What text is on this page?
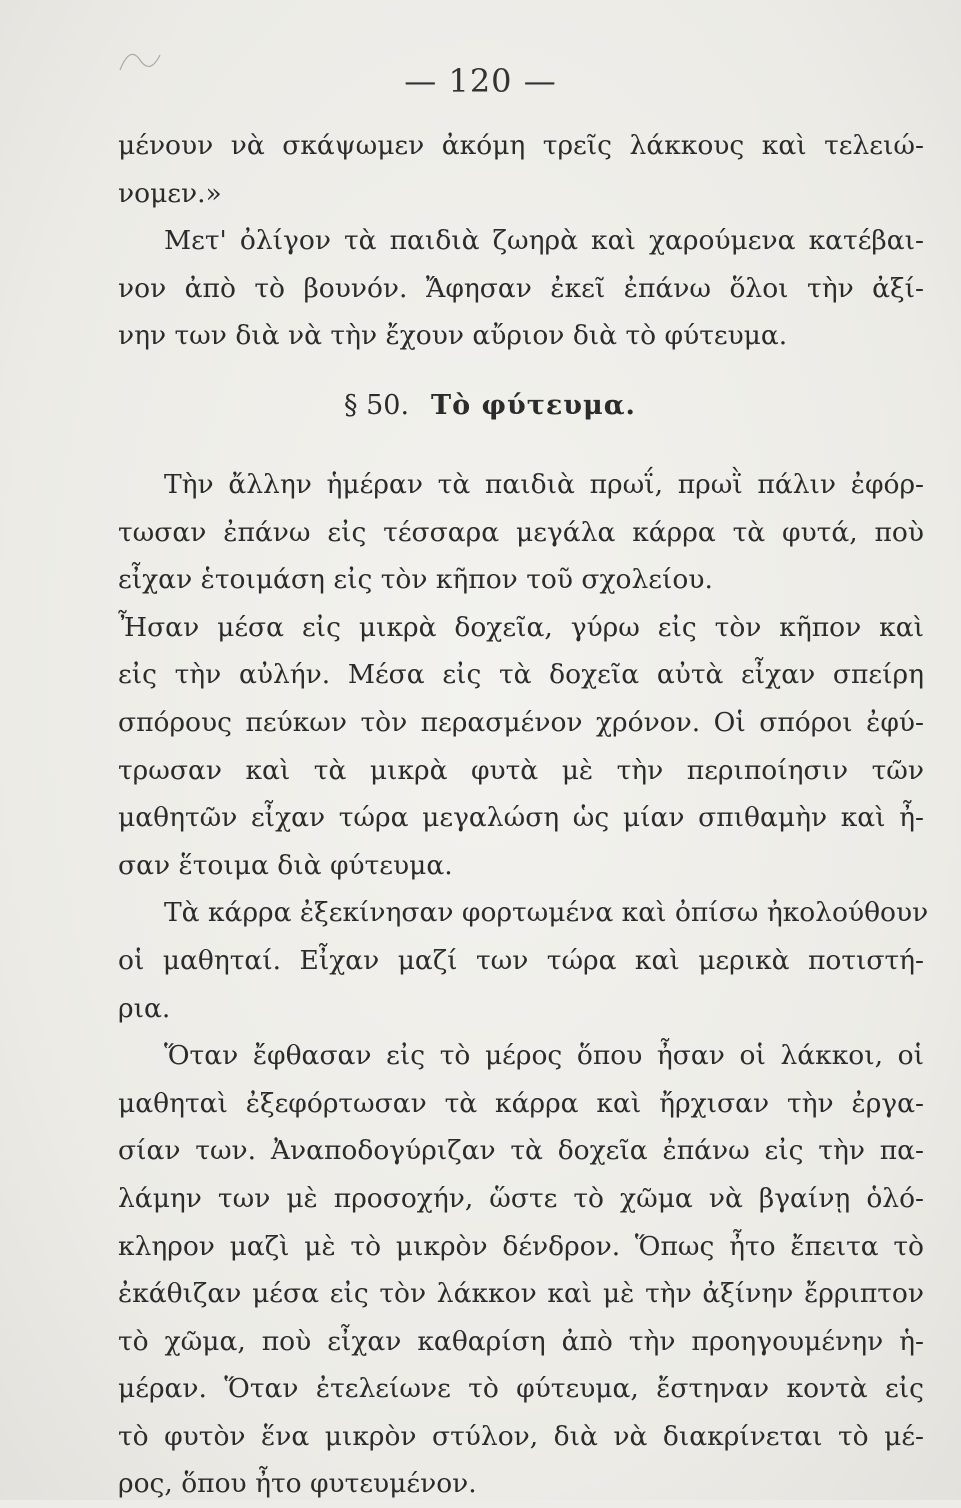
— 120 —
μένουν νὰ σκάψωμεν ἀκόμη τρεῖς λάκκους καὶ τελειώ-
νομεν.»
Μετ' ὀλίγον τὰ παιδιὰ ζωηρὰ καὶ χαρούμενα κατέβαι-
νον ἀπὸ τὸ βουνόν. Ἄφησαν ἐκεῖ ἐπάνω ὅλοι τὴν ἀξί-
νην των διὰ νὰ τὴν ἔχουν αὔριον διὰ τὸ φύτευμα.
§ 50. Τὸ φύτευμα.
Τὴν ἄλλην ἡμέραν τὰ παιδιὰ πρωΐ, πρωῒ πάλιν ἐφόρ-
τωσαν ἐπάνω εἰς τέσσαρα μεγάλα κάρρα τὰ φυτά, ποὺ
εἶχαν ἑτοιμάση εἰς τὸν κῆπον τοῦ σχολείου.
Ἦσαν μέσα εἰς μικρὰ δοχεῖα, γύρω εἰς τὸν κῆπον καὶ
εἰς τὴν αὐλήν. Μέσα εἰς τὰ δοχεῖα αὐτὰ εἶχαν σπείρη
σπόρους πεύκων τὸν περασμένον χρόνον. Οἱ σπόροι ἐφύ-
τρωσαν καὶ τὰ μικρὰ φυτὰ μὲ τὴν περιποίησιν τῶν
μαθητῶν εἶχαν τώρα μεγαλώση ὡς μίαν σπιθαμὴν καὶ ἦ-
σαν ἕτοιμα διὰ φύτευμα.
Τὰ κάρρα ἐξεκίνησαν φορτωμένα καὶ ὀπίσω ἠκολούθουν
οἱ μαθηταί. Εἶχαν μαζί των τώρα καὶ μερικὰ ποτιστή-
ρια.
Ὅταν ἔφθασαν εἰς τὸ μέρος ὅπου ἦσαν οἱ λάκκοι, οἱ
μαθηταὶ ἐξεφόρτωσαν τὰ κάρρα καὶ ἤρχισαν τὴν ἐργα-
σίαν των. Ἀναποδογύριζαν τὰ δοχεῖα ἐπάνω εἰς τὴν πα-
λάμην των μὲ προσοχήν, ὥστε τὸ χῶμα νὰ βγαίνῃ ὁλό-
κληρον μαζὶ μὲ τὸ μικρὸν δένδρον. Ὅπως ἦτο ἔπειτα τὸ
ἐκάθιζαν μέσα εἰς τὸν λάκκον καὶ μὲ τὴν ἀξίνην ἔρριπτον
τὸ χῶμα, ποὺ εἶχαν καθαρίση ἀπὸ τὴν προηγουμένην ἡ-
μέραν. Ὅταν ἐτελείωνε τὸ φύτευμα, ἔστηναν κοντὰ εἰς
τὸ φυτὸν ἕνα μικρὸν στύλον, διὰ νὰ διακρίνεται τὸ μέ-
ρος, ὅπου ἦτο φυτευμένον.
